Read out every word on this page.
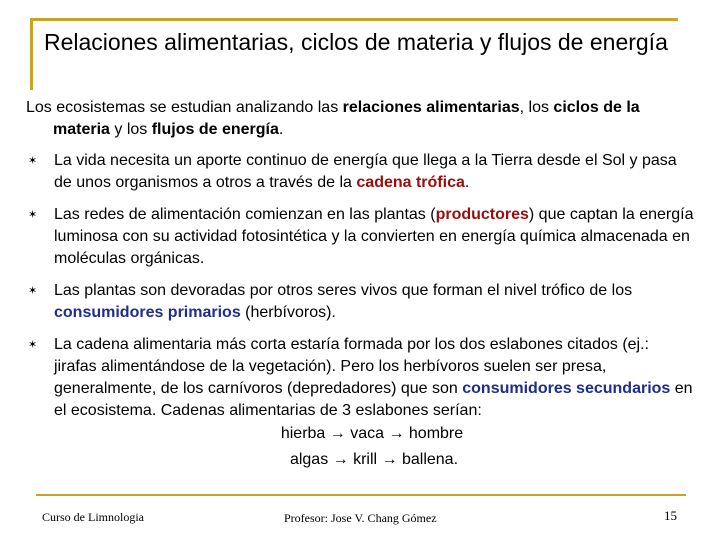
Relaciones alimentarias, ciclos de materia y flujos de energía

Los ecosistemas se estudian analizando las relaciones alimentarias, los ciclos de la materia y los flujos de energía.

✶ La vida necesita un aporte continuo de energía que llega a la Tierra desde el Sol y pasa de unos organismos a otros a través de la cadena trófica.
✶ Las redes de alimentación comienzan en las plantas (productores) que captan la energía luminosa con su actividad fotosintética y la convierten en energía química almacenada en moléculas orgánicas.
✶ Las plantas son devoradas por otros seres vivos que forman el nivel trófico de los consumidores primarios (herbívoros).
✶ La cadena alimentaria más corta estaría formada por los dos eslabones citados (ej.: jirafas alimentándose de la vegetación). Pero los herbívoros suelen ser presa, generalmente, de los carnívoros (depredadores) que son consumidores secundarios en el ecosistema. Cadenas alimentarias de 3 eslabones serían:
hierba → vaca → hombre
algas → krill → ballena.
Curso de Limnologia	Profesor: Jose V. Chang Gómez	15
